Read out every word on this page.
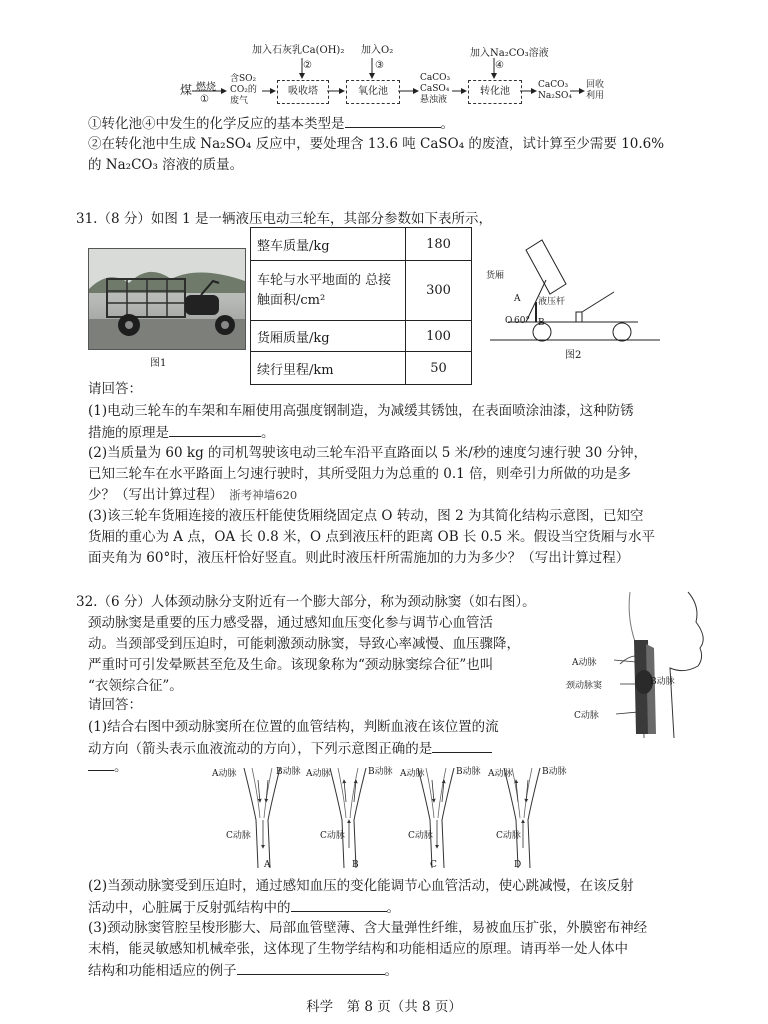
加入石灰乳Ca(OH)₂ 加入O₂	加入Na₂CO₃溶液
②	③	④
煤 燃烧
①
含SO₂ CO₂的 废气
吸收塔	氧化池
CaCO₃ CaSO₄ 悬浊液
转化池
CaCO₃ Na₂SO₄
回收 利用
①转化池④中发生的化学反应的基本类型是	。
②在转化池中生成 Na₂SO₄ 反应中，要处理含 13.6 吨 CaSO₄ 的废渣，试计算至少需要 10.6%
的 Na₂CO₃ 溶液的质量。
31.（8 分）如图 1 是一辆液压电动三轮车，其部分参数如下表所示，
图1
整车质量/kg	180
车轮与水平地面的 总接触面积/cm²	300
货厢质量/kg	100
续行里程/km	50
货厢
A 液压杆
O 60° B
图2
请回答：
(1)电动三轮车的车架和车厢使用高强度钢制造，为减缓其锈蚀，在表面喷涂油漆，这种防锈
措施的原理是	。
(2)当质量为 60 kg 的司机驾驶该电动三轮车沿平直路面以 5 米/秒的速度匀速行驶 30 分钟，
已知三轮车在水平路面上匀速行驶时，其所受阻力为总重的 0.1 倍，则牵引力所做的功是多
少？（写出计算过程） 浙考神墙620
(3)该三轮车货厢连接的液压杆能使货厢绕固定点 O 转动，图 2 为其简化结构示意图，已知空
货厢的重心为 A 点，OA 长 0.8 米，O 点到液压杆的距离 OB 长 0.5 米。假设当空货厢与水平
面夹角为 60°时，液压杆恰好竖直。则此时液压杆所需施加的力为多少？（写出计算过程）
32.（6 分）人体颈动脉分支附近有一个膨大部分，称为颈动脉窦（如右图）。
颈动脉窦是重要的压力感受器，通过感知血压变化参与调节心血管活
动。当颈部受到压迫时，可能刺激颈动脉窦，导致心率减慢、血压骤降，
严重时可引发晕厥甚至危及生命。该现象称为“颈动脉窦综合征”也叫
“衣领综合征”。
请回答：
(1)结合右图中颈动脉窦所在位置的血管结构，判断血液在该位置的流
动方向（箭头表示血液流动的方向），下列示意图正确的是
。
A动脉
颈动脉窦	B动脉
C动脉
A动脉	B动脉
C动脉
A
A动脉	B动脉
C动脉
B
A动脉	B动脉
C动脉
C
A动脉	B动脉
C动脉
D
(2)当颈动脉窦受到压迫时，通过感知血压的变化能调节心血管活动，使心跳减慢，在该反射
活动中，心脏属于反射弧结构中的	。
(3)颈动脉窦管腔呈梭形膨大、局部血管壁薄、含大量弹性纤维，易被血压扩张，外膜密布神经
末梢，能灵敏感知机械牵张，这体现了生物学结构和功能相适应的原理。请再举一处人体中
结构和功能相适应的例子	。
科学　第 8 页（共 8 页）
